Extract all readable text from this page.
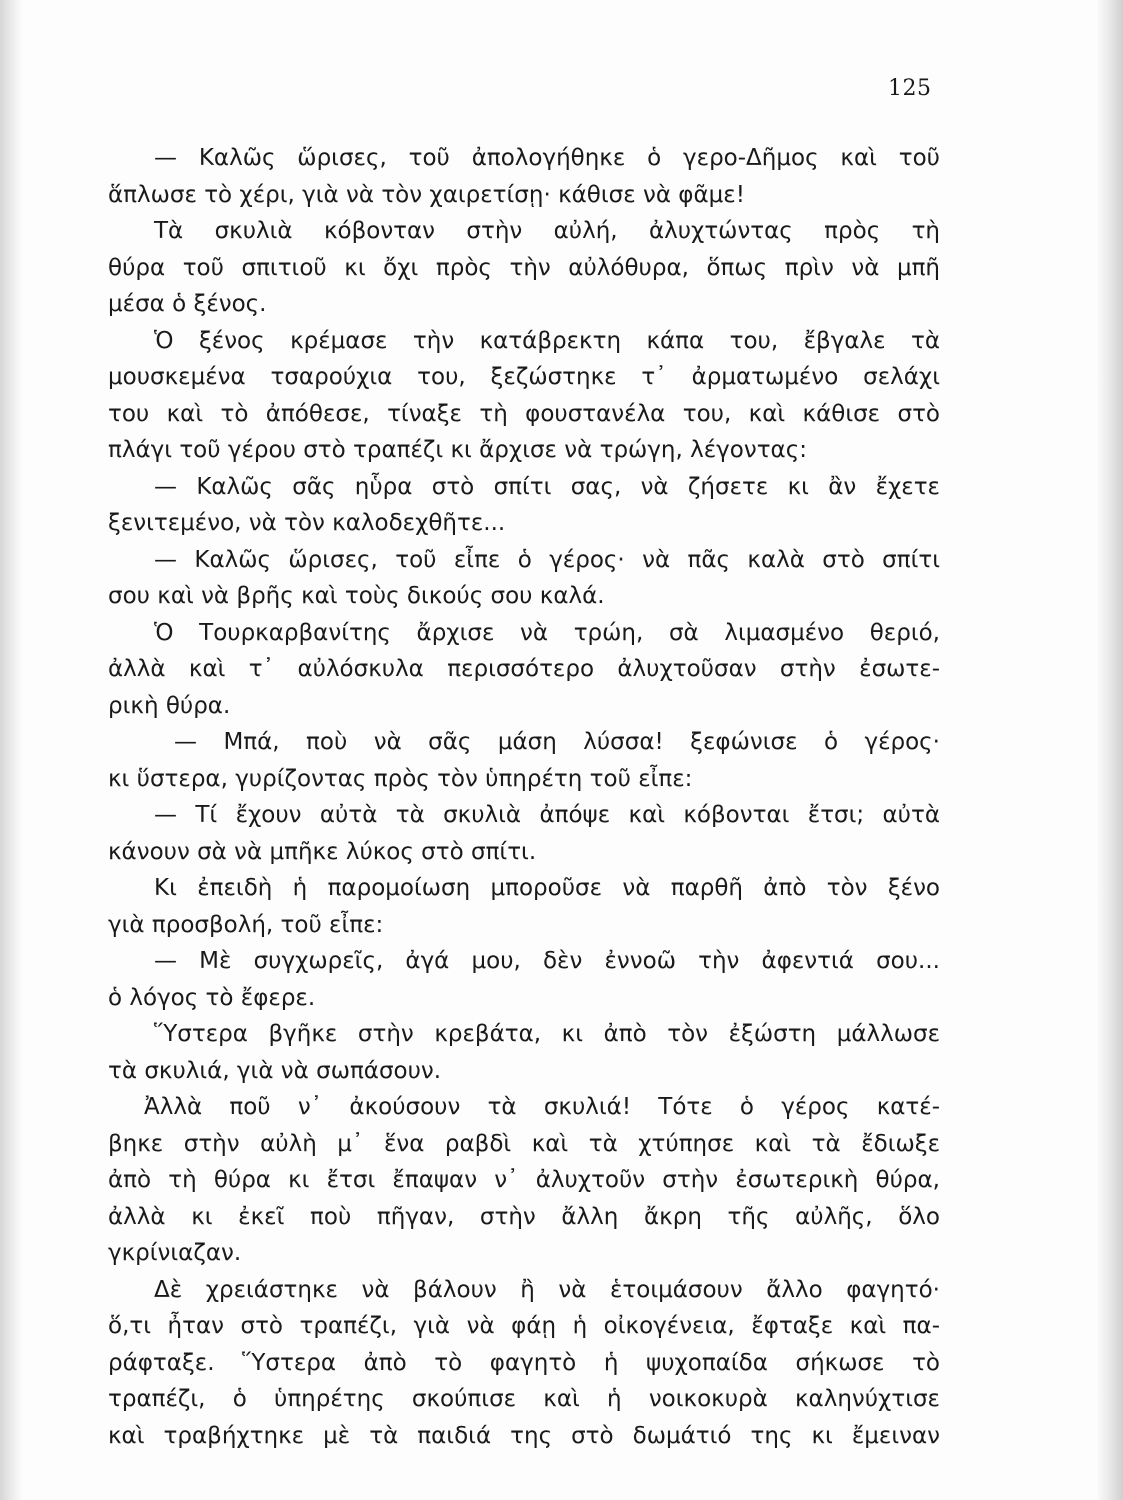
125
— Καλῶς ὥρισες, τοῦ ἀπολογήθηκε ὁ γερο-Δῆμος καὶ τοῦ
ἅπλωσε τὸ χέρι, γιὰ νὰ τὸν χαιρετίσῃ· κάθισε νὰ φᾶμε!
Τὰ σκυλιὰ κόβονταν στὴν αὐλή, ἀλυχτώντας πρὸς τὴ
θύρα τοῦ σπιτιοῦ κι ὄχι πρὸς τὴν αὐλόθυρα, ὅπως πρὶν νὰ μπῆ
μέσα ὁ ξένος.
Ὁ ξένος κρέμασε τὴν κατάβρεκτη κάπα του, ἔβγαλε τὰ
μουσκεμένα τσαρούχια του, ξεζώστηκε τ᾽ ἀρματωμένο σελάχι
του καὶ τὸ ἀπόθεσε, τίναξε τὴ φουστανέλα του, καὶ κάθισε στὸ
πλάγι τοῦ γέρου στὸ τραπέζι κι ἄρχισε νὰ τρώγη, λέγοντας:
— Καλῶς σᾶς ηὗρα στὸ σπίτι σας, νὰ ζήσετε κι ἂν ἔχετε
ξενιτεμένο, νὰ τὸν καλοδεχθῆτε...
— Καλῶς ὥρισες, τοῦ εἶπε ὁ γέρος· νὰ πᾶς καλὰ στὸ σπίτι
σου καὶ νὰ βρῆς καὶ τοὺς δικούς σου καλά.
Ὁ Τουρκαρβανίτης ἄρχισε νὰ τρώη, σὰ λιμασμένο θεριό,
ἀλλὰ καὶ τ᾽ αὐλόσκυλα περισσότερο ἀλυχτοῦσαν στὴν ἐσωτε-
ρικὴ θύρα.
— Μπά, ποὺ νὰ σᾶς μάση λύσσα! ξεφώνισε ὁ γέρος·
κι ὕστερα, γυρίζοντας πρὸς τὸν ὑπηρέτη τοῦ εἶπε:
— Τί ἔχουν αὐτὰ τὰ σκυλιὰ ἀπόψε καὶ κόβονται ἔτσι; αὐτὰ
κάνουν σὰ νὰ μπῆκε λύκος στὸ σπίτι.
Κι ἐπειδὴ ἡ παρομοίωση μποροῦσε νὰ παρθῆ ἀπὸ τὸν ξένο
γιὰ προσβολή, τοῦ εἶπε:
— Μὲ συγχωρεῖς, ἀγά μου, δὲν ἐννοῶ τὴν ἀφεντιά σου...
ὁ λόγος τὸ ἔφερε.
Ὕστερα βγῆκε στὴν κρεβάτα, κι ἀπὸ τὸν ἐξώστη μάλλωσε
τὰ σκυλιά, γιὰ νὰ σωπάσουν.
Ἀλλὰ ποῦ ν᾽ ἀκούσουν τὰ σκυλιά! Τότε ὁ γέρος κατέ-
βηκε στὴν αὐλὴ μ᾽ ἕνα ραβδὶ καὶ τὰ χτύπησε καὶ τὰ ἔδιωξε
ἀπὸ τὴ θύρα κι ἔτσι ἔπαψαν ν᾽ ἀλυχτοῦν στὴν ἐσωτερικὴ θύρα,
ἀλλὰ κι ἐκεῖ ποὺ πῆγαν, στὴν ἄλλη ἄκρη τῆς αὐλῆς, ὅλο
γκρίνιαζαν.
Δὲ χρειάστηκε νὰ βάλουν ἢ νὰ ἑτοιμάσουν ἄλλο φαγητό·
ὅ,τι ἦταν στὸ τραπέζι, γιὰ νὰ φάῃ ἡ οἰκογένεια, ἔφταξε καὶ πα-
ράφταξε. Ὕστερα ἀπὸ τὸ φαγητὸ ἡ ψυχοπαίδα σήκωσε τὸ
τραπέζι, ὁ ὑπηρέτης σκούπισε καὶ ἡ νοικοκυρὰ καληνύχτισε
καὶ τραβήχτηκε μὲ τὰ παιδιά της στὸ δωμάτιό της κι ἔμειναν
